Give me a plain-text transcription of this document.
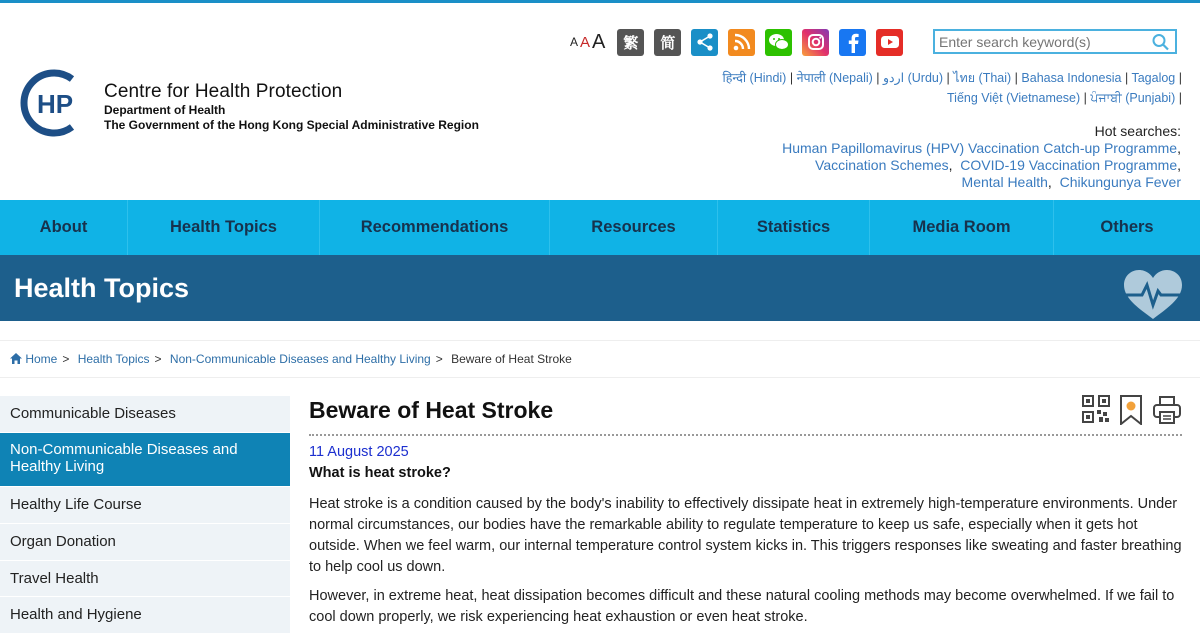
HP Centre for Health Protection
Department of Health
The Government of the Hong Kong Special Administrative Region
A A A	繁	简
Enter search keyword(s)
हिन्दी (Hindi) | नेपाली (Nepali) | اردو (Urdu) | ไทย (Thai) | Bahasa Indonesia | Tagalog |
Tiếng Việt (Vietnamese) | ਪੰਜਾਬੀ (Punjabi) |
Hot searches:
Human Papillomavirus (HPV) Vaccination Catch-up Programme,
Vaccination Schemes,  COVID-19 Vaccination Programme,
Mental Health,  Chikungunya Fever
About	Health Topics	Recommendations	Resources	Statistics	Media Room	Others
Health Topics
Home > Health Topics > Non-Communicable Diseases and Healthy Living > Beware of Heat Stroke
Communicable Diseases
Non-Communicable Diseases and Healthy Living
Healthy Life Course
Organ Donation
Travel Health
Health and Hygiene
Beware of Heat Stroke
11 August 2025
What is heat stroke?

Heat stroke is a condition caused by the body's inability to effectively dissipate heat in extremely high-temperature environments. Under normal circumstances, our bodies have the remarkable ability to regulate temperature to keep us safe, especially when it gets hot outside. When we feel warm, our internal temperature control system kicks in. This triggers responses like sweating and faster breathing to help cool us down.

However, in extreme heat, heat dissipation becomes difficult and these natural cooling methods may become overwhelmed. If we fail to cool down properly, we risk experiencing heat exhaustion or even heat stroke.
